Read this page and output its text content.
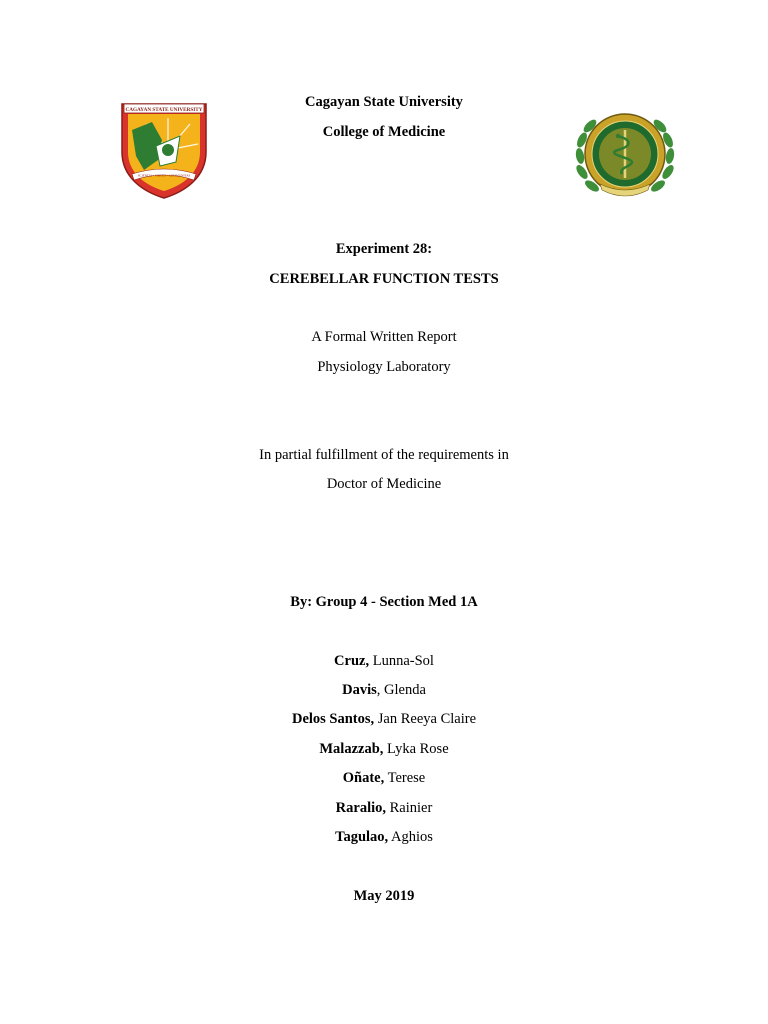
CAGAYAN STATE UNIVERSITY
SCIENTIA • VIRTUS • COMMUNITAS
Cagayan State University
College of Medicine
Experiment 28:
CEREBELLAR FUNCTION TESTS
A Formal Written Report
Physiology Laboratory
In partial fulfillment of the requirements in
Doctor of Medicine
By: Group 4 - Section Med 1A
Cruz, Lunna-Sol
Davis, Glenda
Delos Santos, Jan Reeya Claire
Malazzab, Lyka Rose
Oñate, Terese
Raralio, Rainier
Tagulao, Aghios
May 2019
